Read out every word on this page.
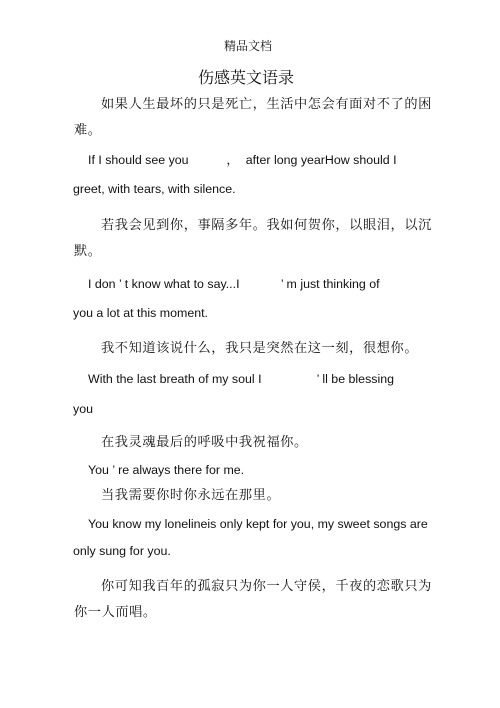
精品文档
伤感英文语录
如果人生最坏的只是死亡，生活中怎会有面对不了的困
难。
If I should see you           ，  after long yearHow should I
greet, with tears, with silence.
若我会见到你，事隔多年。我如何贺你，以眼泪，以沉
默。
I don ’ t know what to say...I            ’ m just thinking of
you a lot at this moment.
我不知道该说什么，我只是突然在这一刻，很想你。
With the last breath of my soul I                ’ ll be blessing
you
在我灵魂最后的呼吸中我祝福你。
You ’ re always there for me.
当我需要你时你永远在那里。
You know my lonelineis only kept for you, my sweet songs are
only sung for you.
你可知我百年的孤寂只为你一人守侯，千夜的恋歌只为
你一人而唱。
